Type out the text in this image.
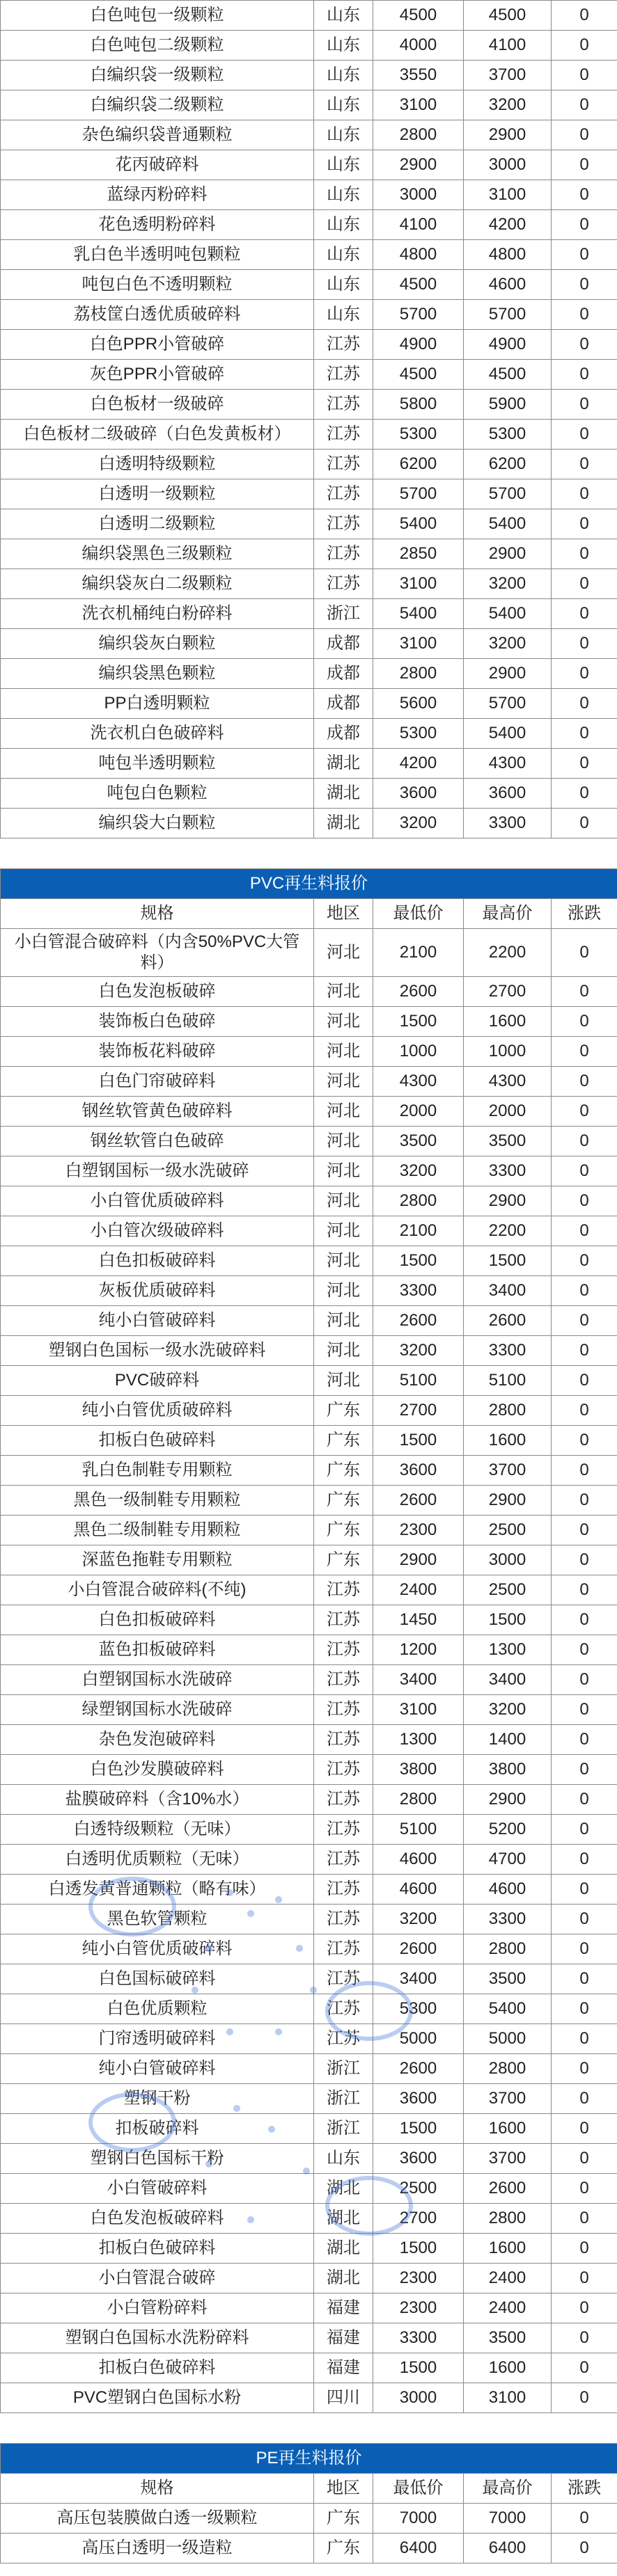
白色吨包一级颗粒	山东	4500	4500	0
白色吨包二级颗粒	山东	4000	4100	0
白编织袋一级颗粒	山东	3550	3700	0
白编织袋二级颗粒	山东	3100	3200	0
杂色编织袋普通颗粒	山东	2800	2900	0
花丙破碎料	山东	2900	3000	0
蓝绿丙粉碎料	山东	3000	3100	0
花色透明粉碎料	山东	4100	4200	0
乳白色半透明吨包颗粒	山东	4800	4800	0
吨包白色不透明颗粒	山东	4500	4600	0
荔枝筐白透优质破碎料	山东	5700	5700	0
白色PPR小管破碎	江苏	4900	4900	0
灰色PPR小管破碎	江苏	4500	4500	0
白色板材一级破碎	江苏	5800	5900	0
白色板材二级破碎（白色发黄板材）	江苏	5300	5300	0
白透明特级颗粒	江苏	6200	6200	0
白透明一级颗粒	江苏	5700	5700	0
白透明二级颗粒	江苏	5400	5400	0
编织袋黑色三级颗粒	江苏	2850	2900	0
编织袋灰白二级颗粒	江苏	3100	3200	0
洗衣机桶纯白粉碎料	浙江	5400	5400	0
编织袋灰白颗粒	成都	3100	3200	0
编织袋黑色颗粒	成都	2800	2900	0
PP白透明颗粒	成都	5600	5700	0
洗衣机白色破碎料	成都	5300	5400	0
吨包半透明颗粒	湖北	4200	4300	0
吨包白色颗粒	湖北	3600	3600	0
编织袋大白颗粒	湖北	3200	3300	0
PVC再生料报价				
规格	地区	最低价	最高价	涨跌
小白管混合破碎料（内含50%PVC大管料）	河北	2100	2200	0
白色发泡板破碎	河北	2600	2700	0
装饰板白色破碎	河北	1500	1600	0
装饰板花料破碎	河北	1000	1000	0
白色门帘破碎料	河北	4300	4300	0
钢丝软管黄色破碎料	河北	2000	2000	0
钢丝软管白色破碎	河北	3500	3500	0
白塑钢国标一级水洗破碎	河北	3200	3300	0
小白管优质破碎料	河北	2800	2900	0
小白管次级破碎料	河北	2100	2200	0
白色扣板破碎料	河北	1500	1500	0
灰板优质破碎料	河北	3300	3400	0
纯小白管破碎料	河北	2600	2600	0
塑钢白色国标一级水洗破碎料	河北	3200	3300	0
PVC破碎料	河北	5100	5100	0
纯小白管优质破碎料	广东	2700	2800	0
扣板白色破碎料	广东	1500	1600	0
乳白色制鞋专用颗粒	广东	3600	3700	0
黑色一级制鞋专用颗粒	广东	2600	2900	0
黑色二级制鞋专用颗粒	广东	2300	2500	0
深蓝色拖鞋专用颗粒	广东	2900	3000	0
小白管混合破碎料(不纯)	江苏	2400	2500	0
白色扣板破碎料	江苏	1450	1500	0
蓝色扣板破碎料	江苏	1200	1300	0
白塑钢国标水洗破碎	江苏	3400	3400	0
绿塑钢国标水洗破碎	江苏	3100	3200	0
杂色发泡破碎料	江苏	1300	1400	0
白色沙发膜破碎料	江苏	3800	3800	0
盐膜破碎料（含10%水）	江苏	2800	2900	0
白透特级颗粒（无味）	江苏	5100	5200	0
白透明优质颗粒（无味）	江苏	4600	4700	0
白透发黄普通颗粒（略有味）	江苏	4600	4600	0
黑色软管颗粒	江苏	3200	3300	0
纯小白管优质破碎料	江苏	2600	2800	0
白色国标破碎料	江苏	3400	3500	0
白色优质颗粒	江苏	5300	5400	0
门帘透明破碎料	江苏	5000	5000	0
纯小白管破碎料	浙江	2600	2800	0
塑钢干粉	浙江	3600	3700	0
扣板破碎料	浙江	1500	1600	0
塑钢白色国标干粉	山东	3600	3700	0
小白管破碎料	湖北	2500	2600	0
白色发泡板破碎料	湖北	2700	2800	0
扣板白色破碎料	湖北	1500	1600	0
小白管混合破碎	湖北	2300	2400	0
小白管粉碎料	福建	2300	2400	0
塑钢白色国标水洗粉碎料	福建	3300	3500	0
扣板白色破碎料	福建	1500	1600	0
PVC塑钢白色国标水粉	四川	3000	3100	0
PE再生料报价				
规格	地区	最低价	最高价	涨跌
高压包装膜做白透一级颗粒	广东	7000	7000	0
高压白透明一级造粒	广东	6400	6400	0
